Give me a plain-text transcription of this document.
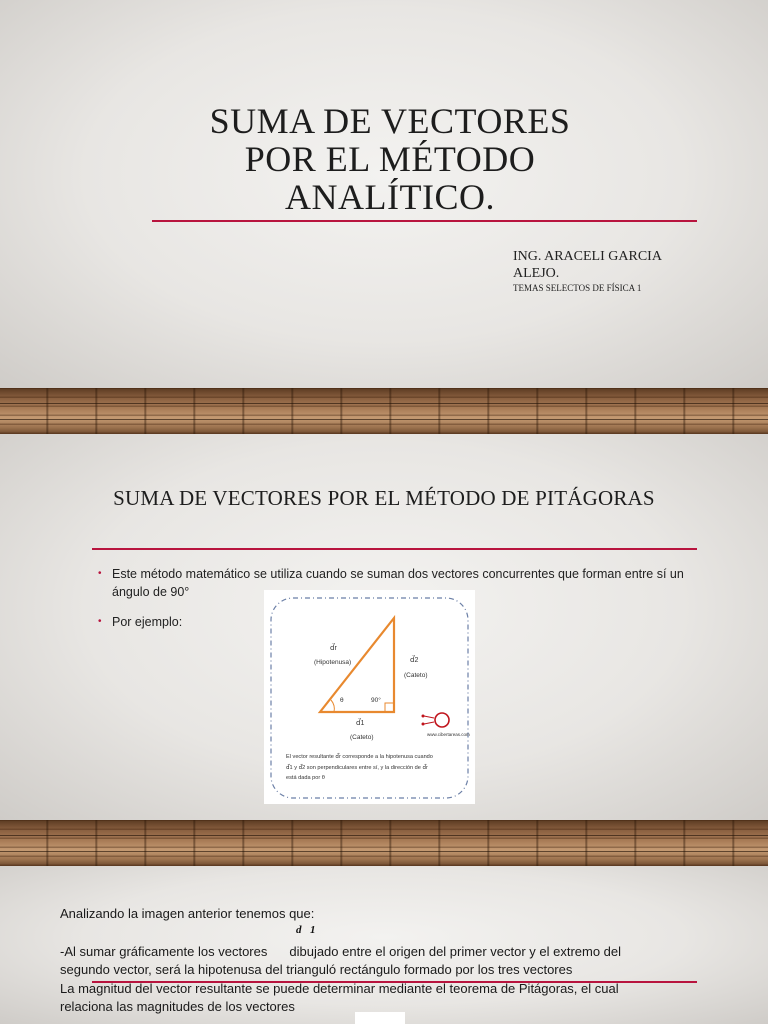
SUMA DE VECTORES
POR EL MÉTODO
ANALÍTICO.
ING. ARACELI GARCIA
ALEJO.
TEMAS SELECTOS DE FÍSICA 1
SUMA DE VECTORES POR EL MÉTODO DE PITÁGORAS
• Este método matemático se utiliza cuando se suman dos vectores concurrentes que forman entre sí un ángulo de 90°
• Por ejemplo:
d⃗r
(Hipotenusa)	d⃗2
(Cateto)
θ	90°
d⃗1
(Cateto)	www.cibertareas.com
El vector resultante d⃗r corresponde a la hipotenusa cuando
d⃗1 y d⃗2 son perpendiculares entre sí, y la dirección de d⃗r
está dada por θ
Analizando la imagen anterior tenemos que:
d⃗1
-Al sumar gráficamente los vectores dibujado entre el origen del primer vector y el extremo del
segundo vector, será la hipotenusa del trianguló rectángulo formado por los tres vectores
La magnitud del vector resultante se puede determinar mediante el teorema de Pitágoras, el cual
relaciona las magnitudes de los vectores
